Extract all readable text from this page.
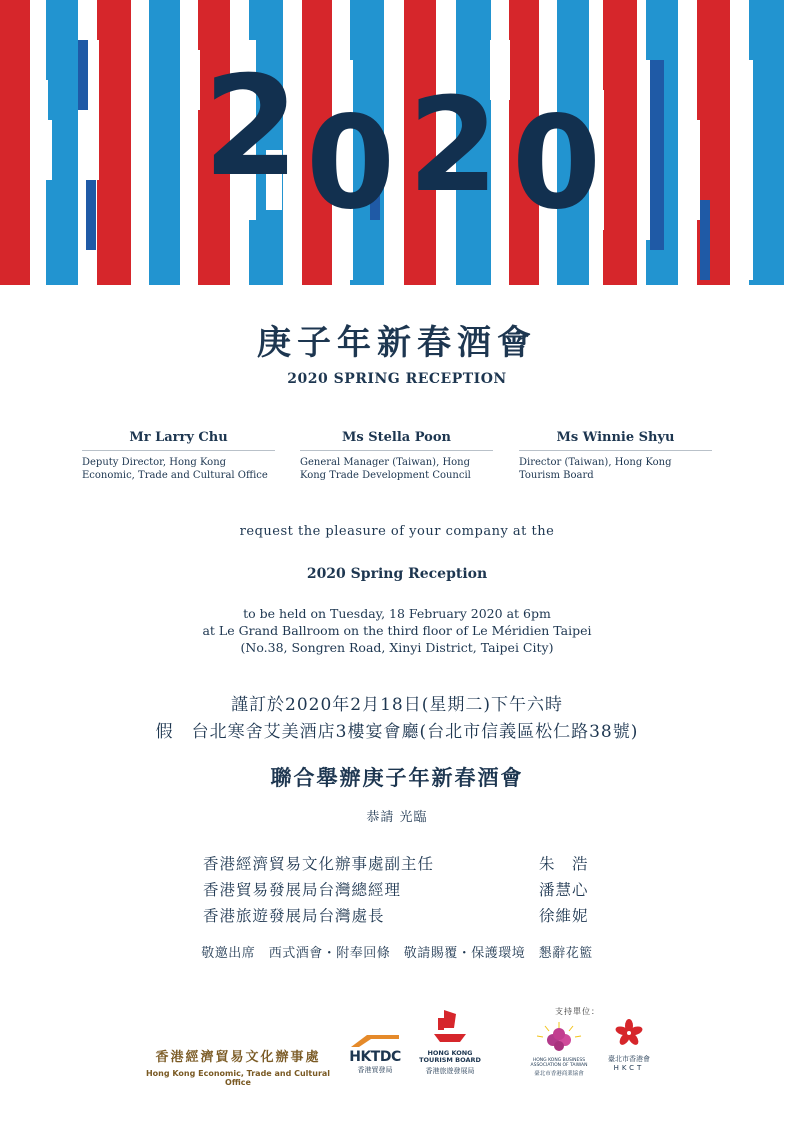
2 0 2 0
庚子年新春酒會
2020 SPRING RECEPTION
Mr Larry Chu
Deputy Director, Hong Kong Economic, Trade and Cultural Office
Ms Stella Poon
General Manager (Taiwan), Hong Kong Trade Development Council
Ms Winnie Shyu
Director (Taiwan), Hong Kong Tourism Board
request the pleasure of your company at the
2020 Spring Reception
to be held on Tuesday, 18 February 2020 at 6pm
at Le Grand Ballroom on the third floor of Le Méridien Taipei
(No.38, Songren Road, Xinyi District, Taipei City)
謹訂於2020年2月18日(星期二)下午六時
假　台北寒舍艾美酒店3樓宴會廳(台北市信義區松仁路38號)
聯合舉辦庚子年新春酒會
恭請 光臨
香港經濟貿易文化辦事處副主任	朱　浩
香港貿易發展局台灣總經理	潘慧心
香港旅遊發展局台灣處長	徐維妮
敬邀出席　西式酒會・附奉回條　敬請賜覆・保護環境　懇辭花籃
香港經濟貿易文化辦事處
Hong Kong Economic, Trade and Cultural Office
HKTDC
香港貿發局
HONG KONG TOURISM BOARD
香港旅遊發展局
支持單位：
HONG KONG BUSINESS ASSOCIATION OF TAIWAN
臺北市香港商業協會
臺北市香港會
HKCT
